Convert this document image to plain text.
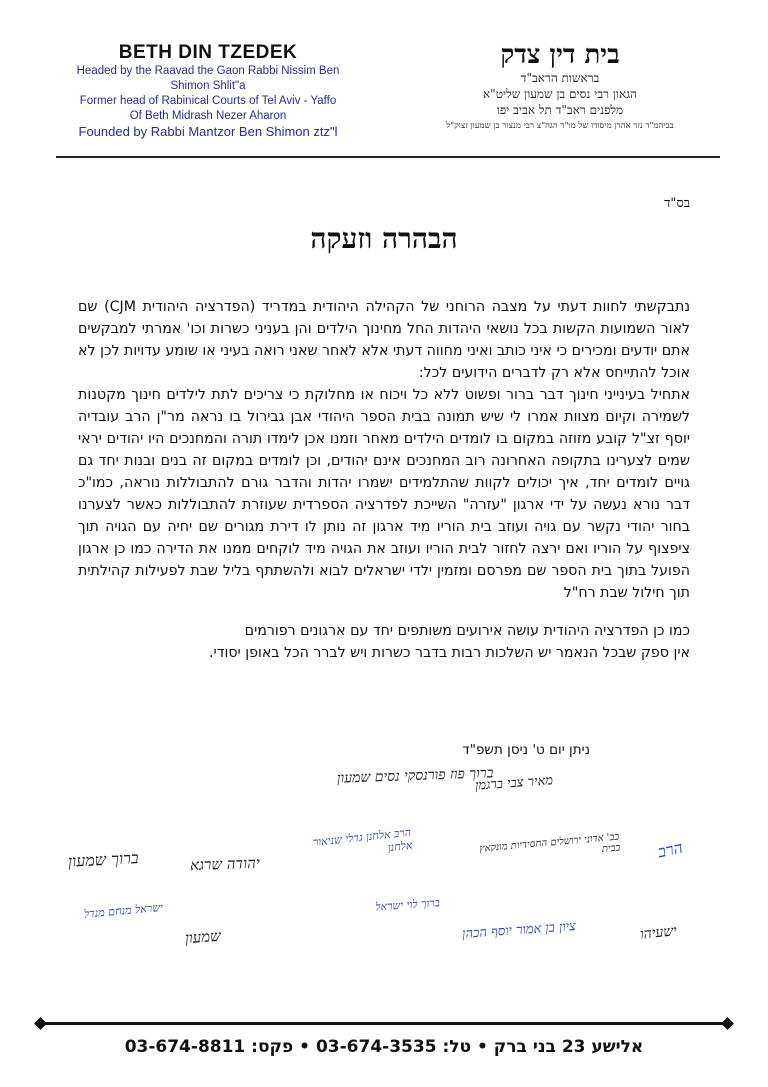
BETH DIN TZEDEK
Headed by the Raavad the Gaon Rabbi Nissim Ben Shimon Shlit"a
Former head of Rabinical Courts of Tel Aviv - Yaffo
Of Beth Midrash Nezer Aharon
Founded by Rabbi Mantzor Ben Shimon ztz"l
בית דין צדק
בראשות הראב"ד
הגאון רבי נסים בן שמעון שליט"א
מלפנים ראב"ד תל אביב יפו
בביהמ"ד נזר אהרן מיסודו של מו"ר הגה"צ רבי מנצור בן שמעון זצוק"ל
בס"ד
הבהרה וזעקה

נתבקשתי לחוות דעתי על מצבה הרוחני של הקהילה היהודית במדריד (הפדרציה היהודית CJM) שם לאור השמועות הקשות בכל נושאי היהדות החל מחינוך הילדים והן בעניני כשרות וכו' אמרתי למבקשים אתם יודעים ומכירים כי איני כותב ואיני מחווה דעתי אלא לאחר שאני רואה בעיני או שומע עדויות לכן לא אוכל להתייחס אלא רק לדברים הידועים לכל:

אתחיל בעינייני חינוך דבר ברור ופשוט ללא כל ויכוח או מחלוקת כי צריכים לתת לילדים חינוך מקטנות לשמירה וקיום מצוות אמרו לי שיש תמונה בבית הספר היהודי אבן גבירול בו נראה מר"ן הרב עובדיה יוסף זצ"ל קובע מזוזה במקום בו לומדים הילדים מאחר וזמנו אכן לימדו תורה והמחנכים היו יהודים יראי שמים לצערינו בתקופה האחרונה רוב המחנכים אינם יהודים, וכן לומדים במקום זה בנים ובנות יחד גם גויים לומדים יחד, איך יכולים לקוות שהתלמידים ישמרו יהדות והדבר גורם להתבוללות נוראה, כמו"כ דבר נורא נעשה על ידי ארגון "עזרה" השייכת לפדרציה הספרדית שעוזרת להתבוללות כאשר לצערנו בחור יהודי נקשר עם גויה ועוזב בית הוריו מיד ארגון זה נותן לו דירת מגורים שם יחיה עם הגויה תוך ציפצוף על הוריו ואם ירצה לחזור לבית הוריו ועוזב את הגויה מיד לוקחים ממנו את הדירה כמו כן ארגון הפועל בתוך בית הספר שם מפרסם ומזמין ילדי ישראלים לבוא ולהשתתף בליל שבת לפעילות קהילתית תוך חילול שבת רח"ל

כמו כן הפדרציה היהודית עושה אירועים משותפים יחד עם ארגונים רפורמים

אין ספק שבכל הנאמר יש השלכות רבות בדבר כשרות ויש לברר הכל באופן יסודי.

ניתן יום ט' ניסן תשפ"ד
ברוך פוז פורנסקי נסים שמעון
מאיר צבי ברגמן
ברוך שמעון	יהודה שרגא
הרב אלחנן גדלי שניאור אלחנן	כב' אדוני ירושלים החסידיות מונקאץ בבית הרב
ישראל מנחם מנדל
שמעון
ברוך לוי ישראל
ציון בן אמור יוסף הכהן	ישעיהו
אלישע 23 בני ברק • טל: 03-674-3535 • פקס: 03-674-8811
